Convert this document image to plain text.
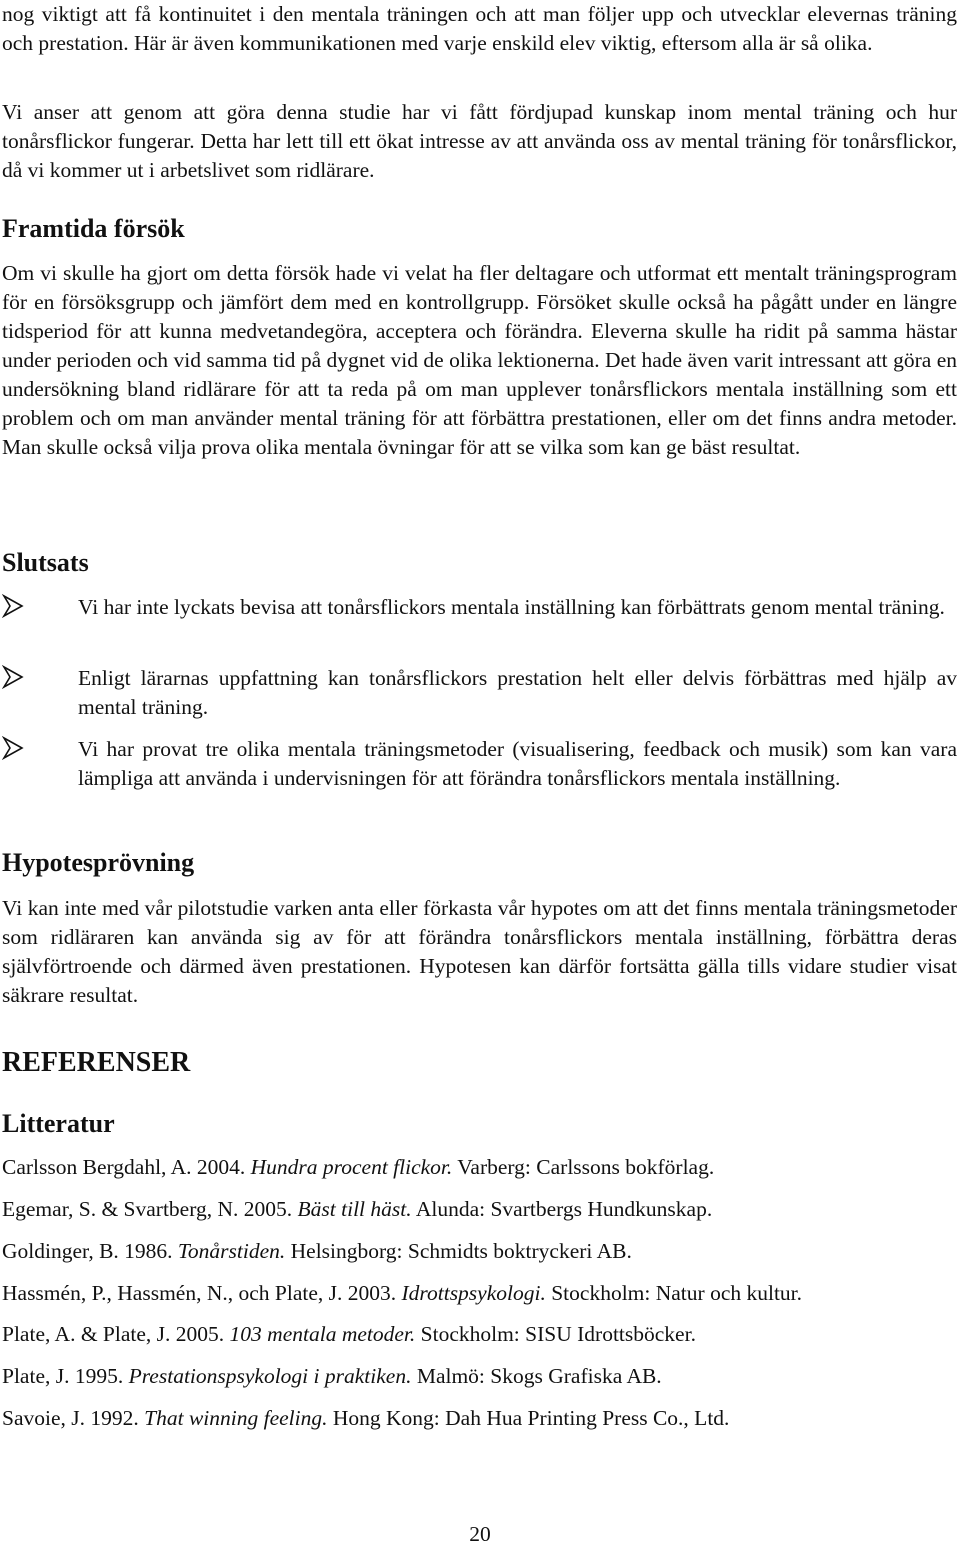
nog viktigt att få kontinuitet i den mentala träningen och att man följer upp och utvecklar elevernas träning och prestation. Här är även kommunikationen med varje enskild elev viktig, eftersom alla är så olika.

Vi anser att genom att göra denna studie har vi fått fördjupad kunskap inom mental träning och hur tonårsflickor fungerar. Detta har lett till ett ökat intresse av att använda oss av mental träning för tonårsflickor, då vi kommer ut i arbetslivet som ridlärare.

Framtida försök

Om vi skulle ha gjort om detta försök hade vi velat ha fler deltagare och utformat ett mentalt träningsprogram för en försöksgrupp och jämfört dem med en kontrollgrupp. Försöket skulle också ha pågått under en längre tidsperiod för att kunna medvetandegöra, acceptera och förändra. Eleverna skulle ha ridit på samma hästar under perioden och vid samma tid på dygnet vid de olika lektionerna. Det hade även varit intressant att göra en undersökning bland ridlärare för att ta reda på om man upplever tonårsflickors mentala inställning som ett problem och om man använder mental träning för att förbättra prestationen, eller om det finns andra metoder. Man skulle också vilja prova olika mentala övningar för att se vilka som kan ge bäst resultat.

Slutsats
Vi har inte lyckats bevisa att tonårsflickors mentala inställning kan förbättrats genom mental träning.
Enligt lärarnas uppfattning kan tonårsflickors prestation helt eller delvis förbättras med hjälp av mental träning.
Vi har provat tre olika mentala träningsmetoder (visualisering, feedback och musik) som kan vara lämpliga att använda i undervisningen för att förändra tonårsflickors mentala inställning.
Hypotesprövning

Vi kan inte med vår pilotstudie varken anta eller förkasta vår hypotes om att det finns mentala träningsmetoder som ridläraren kan använda sig av för att förändra tonårsflickors mentala inställning, förbättra deras självförtroende och därmed även prestationen. Hypotesen kan därför fortsätta gälla tills vidare studier visat säkrare resultat.

REFERENSER
Litteratur
Carlsson Bergdahl, A. 2004. Hundra procent flickor. Varberg: Carlssons bokförlag.
Egemar, S. & Svartberg, N. 2005. Bäst till häst. Alunda: Svartbergs Hundkunskap.
Goldinger, B. 1986. Tonårstiden. Helsingborg: Schmidts boktryckeri AB.
Hassmén, P., Hassmén, N., och Plate, J. 2003. Idrottspsykologi. Stockholm: Natur och kultur.
Plate, A. & Plate, J. 2005. 103 mentala metoder. Stockholm: SISU Idrottsböcker.
Plate, J. 1995. Prestationspsykologi i praktiken. Malmö: Skogs Grafiska AB.
Savoie, J. 1992. That winning feeling. Hong Kong: Dah Hua Printing Press Co., Ltd.
20
